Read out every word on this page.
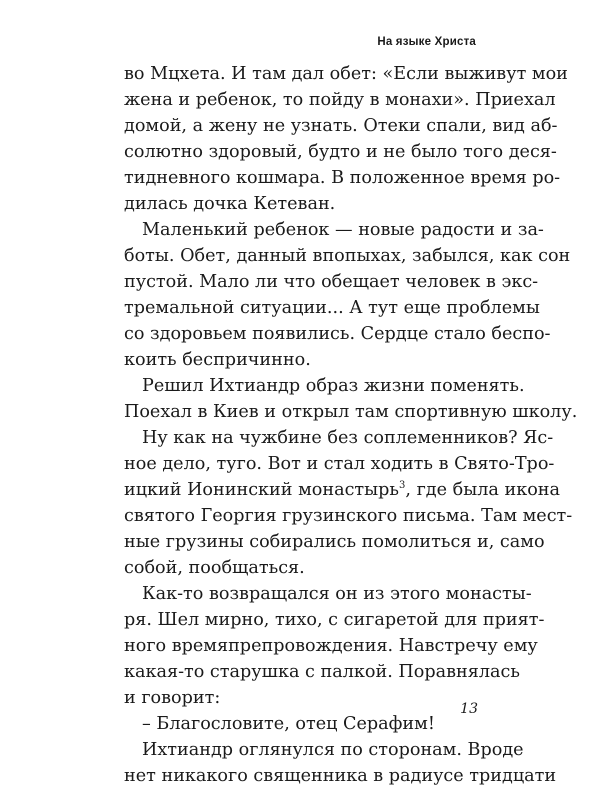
На языке Христа
во Мцхета. И там дал обет: «Если выживут мои
жена и ребенок, то пойду в монахи». Приехал
домой, а жену не узнать. Отеки спали, вид аб-
солютно здоровый, будто и не было того деся-
тидневного кошмара. В положенное время ро-
дилась дочка Кетеван.
Маленький ребенок — новые радости и за-
боты. Обет, данный впопыхах, забылся, как сон
пустой. Мало ли что обещает человек в экс-
тремальной ситуации... А тут еще проблемы
со здоровьем появились. Сердце стало беспо-
коить беспричинно.
Решил Ихтиандр образ жизни поменять.
Поехал в Киев и открыл там спортивную школу.
Ну как на чужбине без соплеменников? Яс-
ное дело, туго. Вот и стал ходить в Свято-Тро-
ицкий Ионинский монастырь$^3$, где была икона
святого Георгия грузинского письма. Там мест-
ные грузины собирались помолиться и, само
собой, пообщаться.
Как-то возвращался он из этого монасты-
ря. Шел мирно, тихо, с сигаретой для прият-
ного времяпрепровождения. Навстречу ему
какая-то старушка с палкой. Поравнялась
и говорит:
– Благословите, отец Серафим!
Ихтиандр оглянулся по сторонам. Вроде
нет никакого священника в радиусе тридцати
13
